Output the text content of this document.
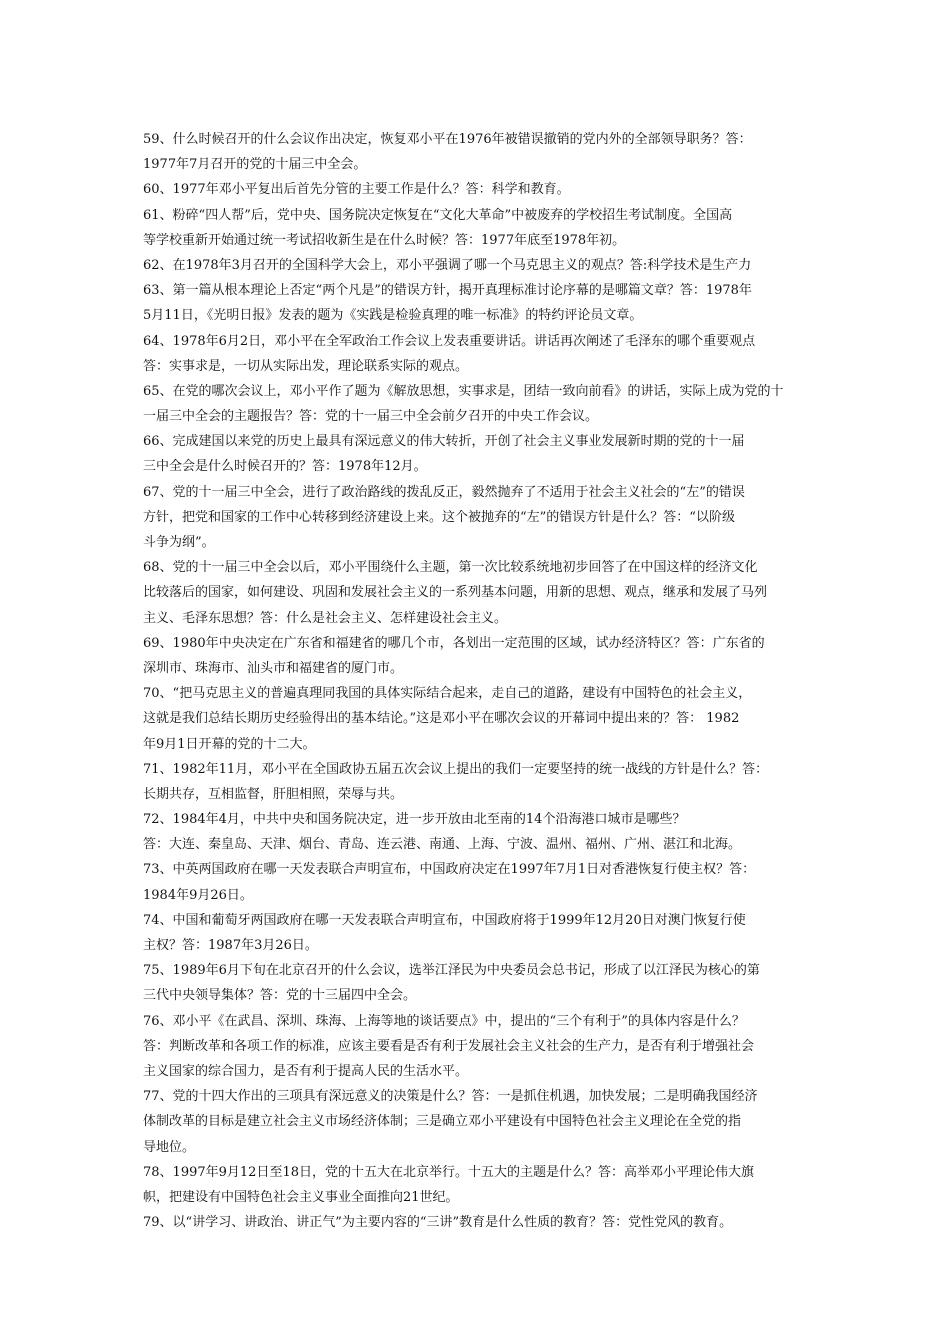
59、什么时候召开的什么会议作出决定，恢复邓小平在1976年被错误撤销的党内外的全部领导职务？答：
1977年7月召开的党的十届三中全会。
60、1977年邓小平复出后首先分管的主要工作是什么？答：科学和教育。
61、粉碎“四人帮”后，党中央、国务院决定恢复在“文化大革命”中被废弃的学校招生考试制度。全国高
等学校重新开始通过统一考试招收新生是在什么时候？答：1977年底至1978年初。
62、在1978年3月召开的全国科学大会上，邓小平强调了哪一个马克思主义的观点？答:科学技术是生产力
63、第一篇从根本理论上否定“两个凡是”的错误方针，揭开真理标准讨论序幕的是哪篇文章？答：1978年
5月11日，《光明日报》发表的题为《实践是检验真理的唯一标准》的特约评论员文章。
64、1978年6月2日，邓小平在全军政治工作会议上发表重要讲话。讲话再次阐述了毛泽东的哪个重要观点
答：实事求是，一切从实际出发，理论联系实际的观点。
65、在党的哪次会议上，邓小平作了题为《解放思想，实事求是，团结一致向前看》的讲话，实际上成为党的十
一届三中全会的主题报告？答：党的十一届三中全会前夕召开的中央工作会议。
66、完成建国以来党的历史上最具有深远意义的伟大转折，开创了社会主义事业发展新时期的党的十一届
三中全会是什么时候召开的？答：1978年12月。
67、党的十一届三中全会，进行了政治路线的拨乱反正，毅然抛弃了不适用于社会主义社会的“左”的错误
方针，把党和国家的工作中心转移到经济建设上来。这个被抛弃的“左”的错误方针是什么？答：“以阶级
斗争为纲”。
68、党的十一届三中全会以后，邓小平围绕什么主题，第一次比较系统地初步回答了在中国这样的经济文化
比较落后的国家，如何建设、巩固和发展社会主义的一系列基本问题，用新的思想、观点，继承和发展了马列
主义、毛泽东思想？答：什么是社会主义、怎样建设社会主义。
69、1980年中央决定在广东省和福建省的哪几个市，各划出一定范围的区域，试办经济特区？答：广东省的
深圳市、珠海市、汕头市和福建省的厦门市。
70、“把马克思主义的普遍真理同我国的具体实际结合起来，走自己的道路，建设有中国特色的社会主义，
这就是我们总结长期历史经验得出的基本结论。”这是邓小平在哪次会议的开幕词中提出来的？答： 1982
年9月1日开幕的党的十二大。
71、1982年11月，邓小平在全国政协五届五次会议上提出的我们一定要坚持的统一战线的方针是什么？答：
长期共存，互相监督，肝胆相照，荣辱与共。
72、1984年4月，中共中央和国务院决定，进一步开放由北至南的14个沿海港口城市是哪些？
答：大连、秦皇岛、天津、烟台、青岛、连云港、南通、上海、宁波、温州、福州、广州、湛江和北海。
73、中英两国政府在哪一天发表联合声明宣布，中国政府决定在1997年7月1日对香港恢复行使主权？答：
1984年9月26日。
74、中国和葡萄牙两国政府在哪一天发表联合声明宣布，中国政府将于1999年12月20日对澳门恢复行使
主权？答：1987年3月26日。
75、1989年6月下旬在北京召开的什么会议，选举江泽民为中央委员会总书记，形成了以江泽民为核心的第
三代中央领导集体？答：党的十三届四中全会。
76、邓小平《在武昌、深圳、珠海、上海等地的谈话要点》中，提出的“三个有利于”的具体内容是什么？
答：判断改革和各项工作的标准，应该主要看是否有利于发展社会主义社会的生产力，是否有利于增强社会
主义国家的综合国力，是否有利于提高人民的生活水平。
77、党的十四大作出的三项具有深远意义的决策是什么？答：一是抓住机遇，加快发展；二是明确我国经济
体制改革的目标是建立社会主义市场经济体制；三是确立邓小平建设有中国特色社会主义理论在全党的指
导地位。
78、1997年9月12日至18日，党的十五大在北京举行。十五大的主题是什么？答：高举邓小平理论伟大旗
帜，把建设有中国特色社会主义事业全面推向21世纪。
79、以“讲学习、讲政治、讲正气”为主要内容的“三讲”教育是什么性质的教育？答：党性党风的教育。
